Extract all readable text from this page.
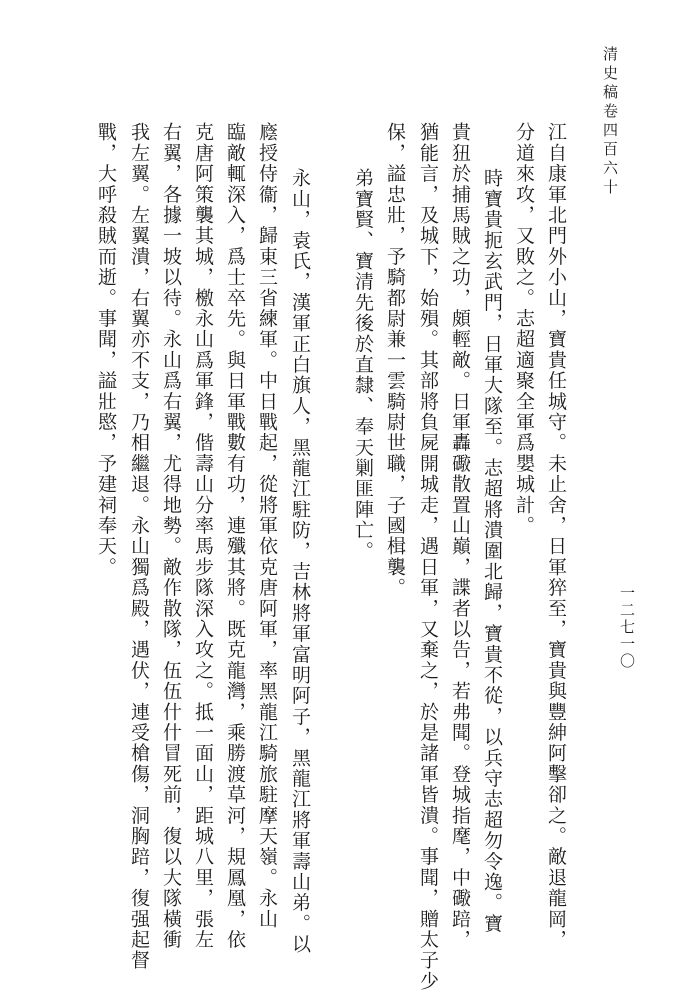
清史稿卷四百六十
一二七一〇
江自康軍北門外小山，寶貴任城守。未止舍，日軍猝至，寶貴與豐紳阿擊卻之。敵退龍岡，
分道來攻，又敗之。志超適聚全軍爲嬰城計。
時寶貴扼玄武門，日軍大隊至。志超將潰圍北歸，寶貴不從，以兵守志超勿令逸。寶
貴狃於捕馬賊之功，頗輕敵。日軍轟礮散置山巔，諜者以告，若弗聞。登城指麾，中礮踣，
猶能言，及城下，始殞。其部將負屍開城走，遇日軍，又棄之，於是諸軍皆潰。事聞，贈太子少
保，謚忠壯，予騎都尉兼一雲騎尉世職，子國楫襲。
弟寶賢、寶清先後於直隸、奉天剿匪陣亡。
永山，袁氏，漢軍正白旗人，黑龍江駐防，吉林將軍富明阿子，黑龍江將軍壽山弟。以
廕授侍衞，歸東三省練軍。中日戰起，從將軍依克唐阿軍，率黑龍江騎旅駐摩天嶺。永山
臨敵輒深入，爲士卒先。與日軍戰數有功，連殲其將。既克龍灣，乘勝渡草河，規鳳凰，依
克唐阿策襲其城，檄永山爲軍鋒，偕壽山分率馬步隊深入攻之。抵一面山，距城八里，張左
右翼，各據一坡以待。永山爲右翼，尤得地勢。敵作散隊，伍伍什什冒死前，復以大隊橫衝
我左翼。左翼潰，右翼亦不支，乃相繼退。永山獨爲殿，遇伏，連受槍傷，洞胸踣，復强起督
戰，大呼殺賊而逝。事聞，謚壯愍，予建祠奉天。
